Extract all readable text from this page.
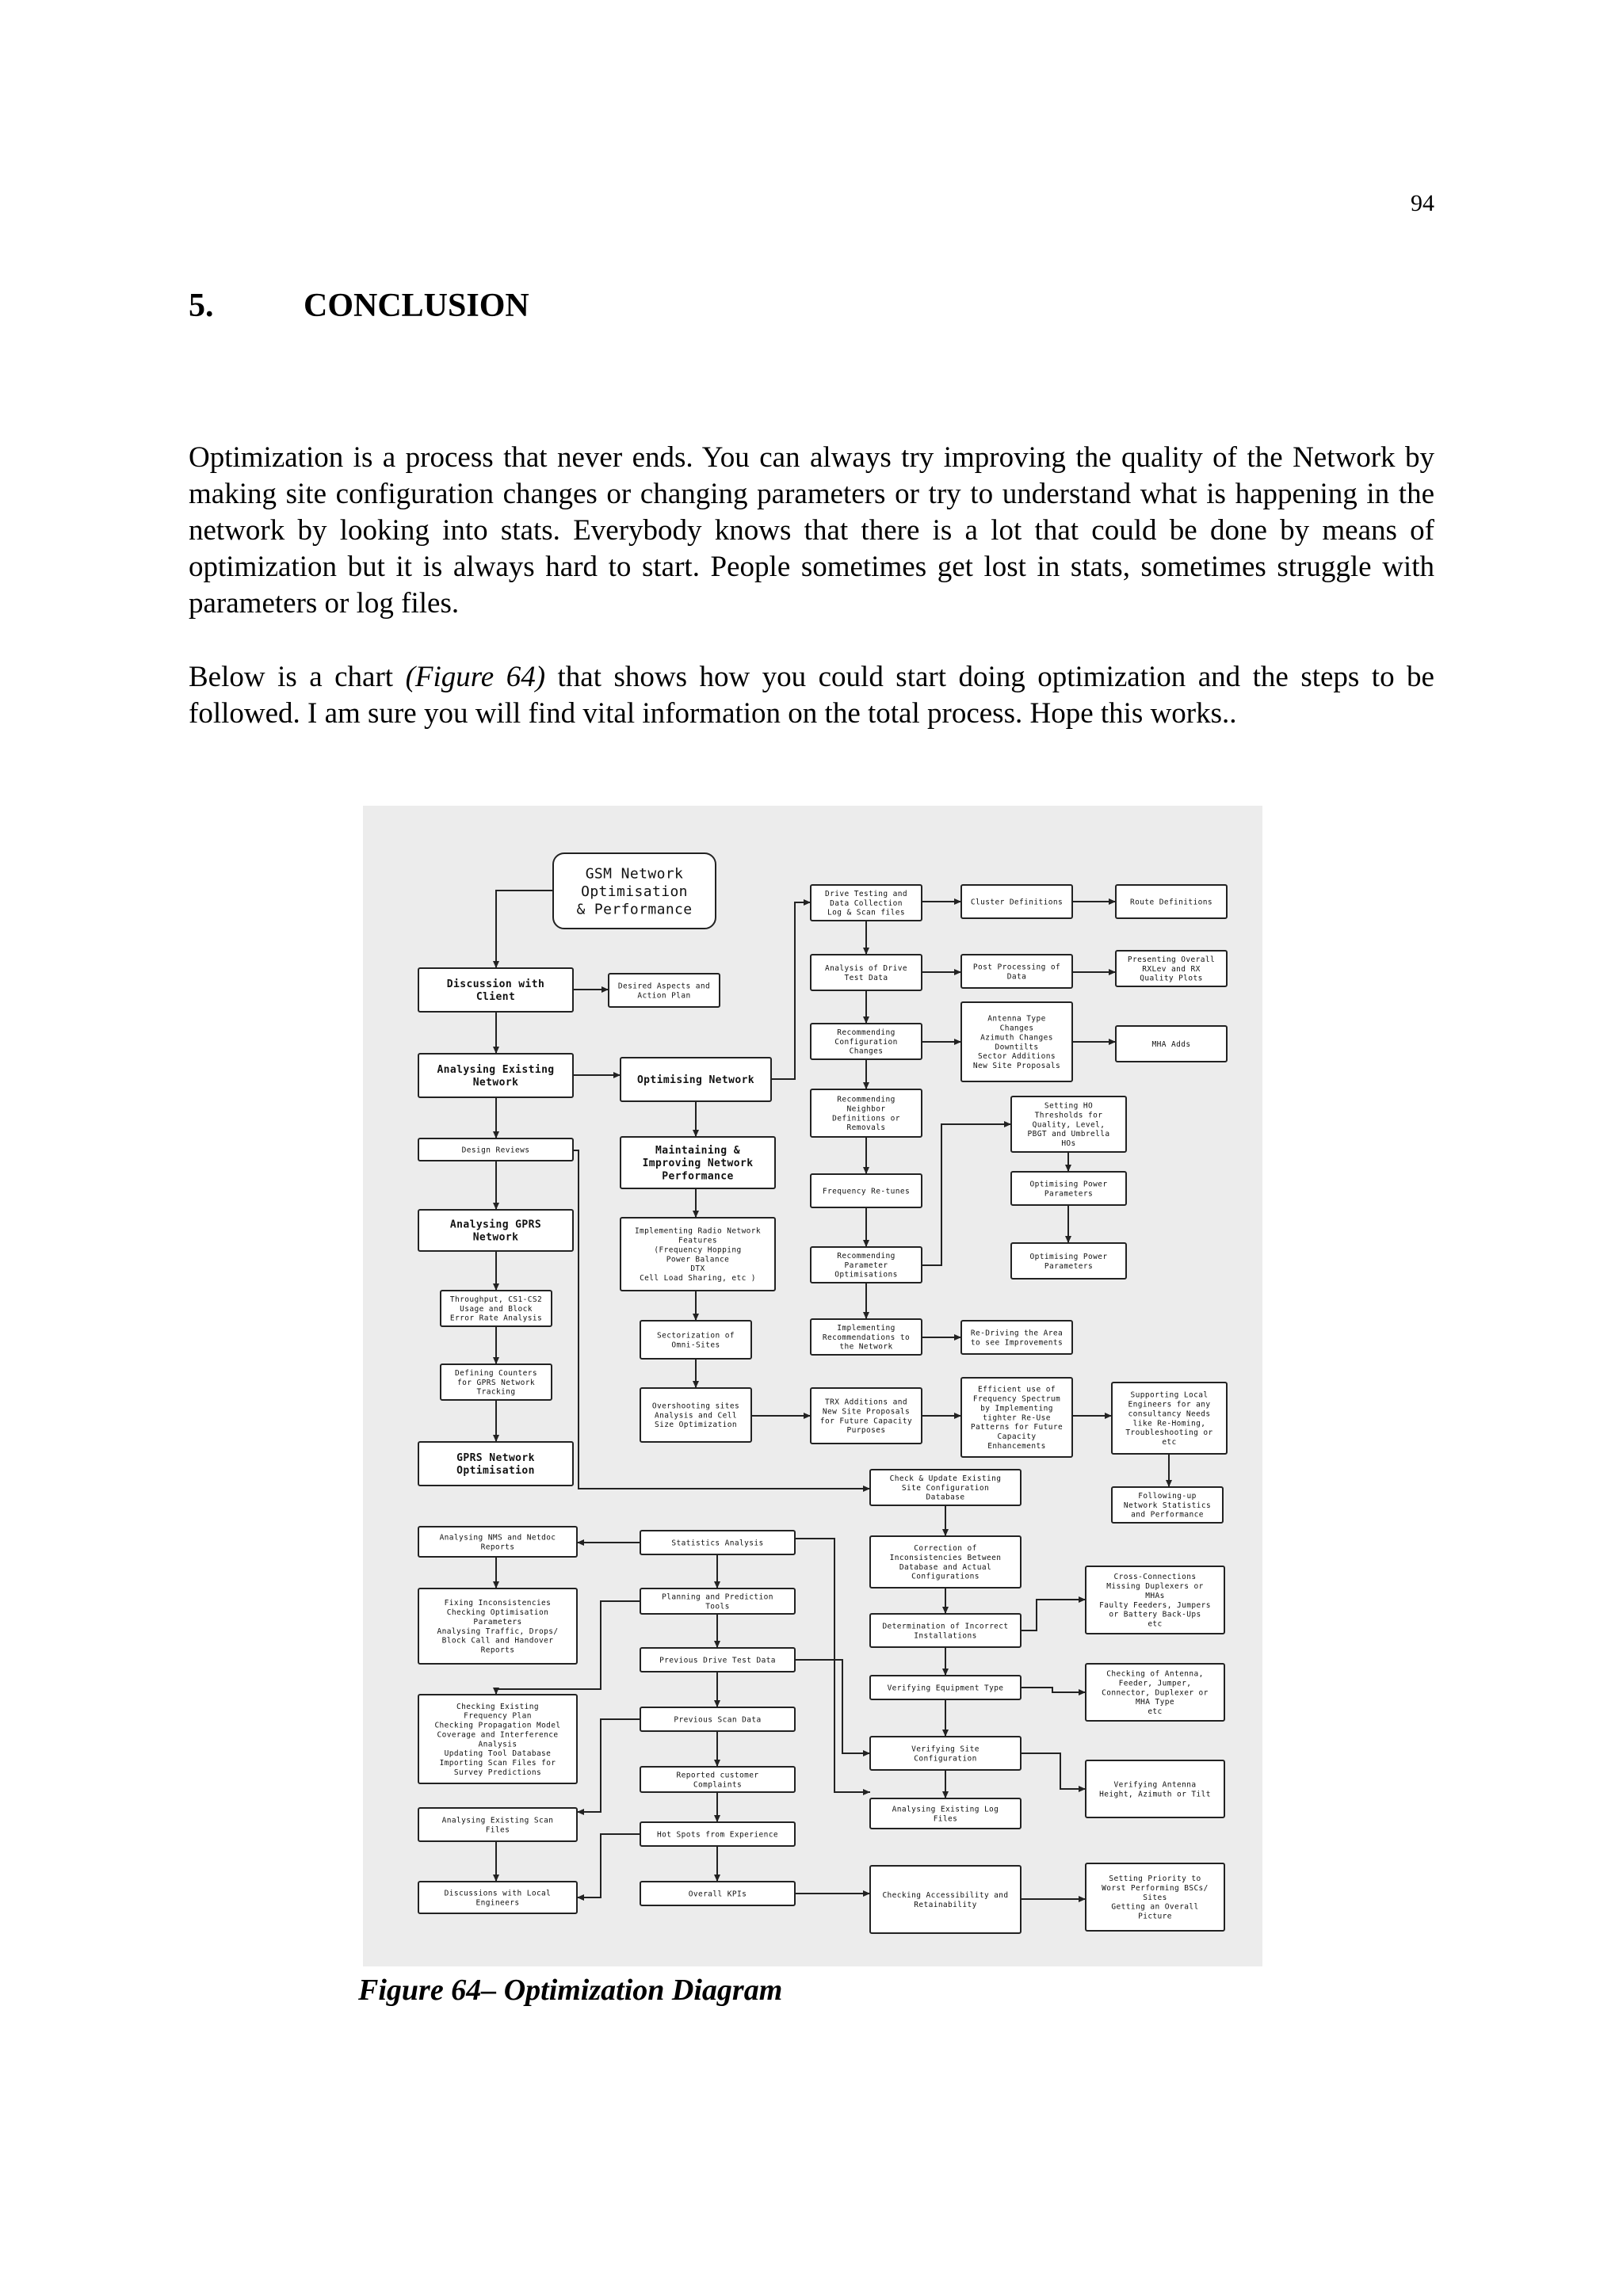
94
5.	CONCLUSION

Optimization is a process that never ends. You can always try improving the quality of the Network by making site configuration changes or changing parameters or try to understand what is happening in the network by looking into stats. Everybody knows that there is a lot that could be done by means of optimization but it is always hard to start. People sometimes get lost in stats, sometimes struggle with parameters or log files.

Below is a chart (Figure 64) that shows how you could start doing optimization and the steps to be followed. I am sure you will find vital information on the total process. Hope this works..

GSM Network
Optimisation
& Performance
Discussion with
Client
Desired Aspects and
Action Plan
Analysing Existing
Network	Optimising Network
Design Reviews	Maintaining &
Improving Network
Performance
Analysing GPRS
Network
Implementing Radio Network
Features
(Frequency Hopping
Power Balance
DTX
Cell Load Sharing, etc )
Throughput, CS1-CS2
Usage and Block
Error Rate Analysis
Sectorization of
Omni-Sites
Defining Counters
for GPRS Network
Tracking
Overshooting sites
Analysis and Cell
Size Optimization
GPRS Network
Optimisation
Drive Testing and
Data Collection
Log & Scan files
Cluster Definitions	Route Definitions
Analysis of Drive
Test Data
Post Processing of
Data
Presenting Overall
RXLev and RX
Quality Plots
Antenna Type
Changes
Azimuth Changes
Downtilts
Sector Additions
New Site Proposals
Recommending
Configuration
Changes
MHA Adds
Recommending
Neighbor
Definitions or
Removals
Setting HO
Thresholds for
Quality, Level,
PBGT and Umbrella
HOs
Frequency Re-tunes
Optimising Power
Parameters
Recommending
Parameter
Optimisations
Optimising Power
Parameters
Implementing
Recommendations to
the Network
Re-Driving the Area
to see Improvements
TRX Additions and
New Site Proposals
for Future Capacity
Purposes
Efficient use of
Frequency Spectrum
by Implementing
tighter Re-Use
Patterns for Future
Capacity
Enhancements
Supporting Local
Engineers for any
consultancy Needs
like Re-Homing,
Troubleshooting or
etc
Check & Update Existing
Site Configuration
Database	Following-up
Network Statistics
and Performance
Analysing NMS and Netdoc
Reports	Statistics Analysis
Correction of
Inconsistencies Between
Database and Actual
Configurations	Cross-Connections
Missing Duplexers or
MHAs
Faulty Feeders, Jumpers
or Battery Back-Ups
etc
Fixing Inconsistencies
Checking Optimisation
Parameters
Analysing Traffic, Drops/
Block Call and Handover
Reports
Planning and Prediction
Tools
Determination of Incorrect
Installations
Previous Drive Test Data
Checking of Antenna,
Feeder, Jumper,
Connector, Duplexer or
MHA Type
etc
Verifying Equipment Type
Checking Existing
Frequency Plan
Checking Propagation Model
Coverage and Interference
Analysis
Updating Tool Database
Importing Scan Files for
Survey Predictions
Previous Scan Data
Verifying Site
Configuration
Verifying Antenna
Height, Azimuth or Tilt
Reported customer
Complaints
Analysing Existing Log
Files
Analysing Existing Scan
Files
Hot Spots from Experience
Discussions with Local
Engineers
Overall KPIs	Checking Accessibility and
Retainability
Setting Priority to
Worst Performing BSCs/
Sites
Getting an Overall
Picture
Figure 64– Optimization Diagram
